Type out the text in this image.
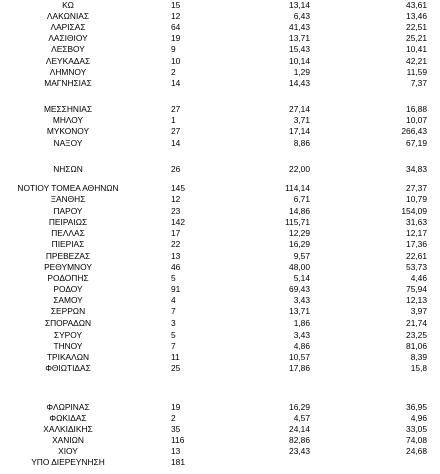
ΚΩ	15	13,14	43,61
ΛΑΚΩΝΙΑΣ	12	6,43	13,46
ΛΑΡΙΣΑΣ	64	41,43	22,51
ΛΑΣΙΘΙΟΥ	19	13,71	25,21
ΛΕΣΒΟΥ	9	15,43	10,41
ΛΕΥΚΑΔΑΣ	10	10,14	42,21
ΛΗΜΝΟΥ	2	1,29	11,59
ΜΑΓΝΗΣΙΑΣ	14	14,43	7,37
ΜΕΣΣΗΝΙΑΣ	27	27,14	16,88
ΜΗΛΟΥ	1	3,71	10,07
ΜΥΚΟΝΟΥ	27	17,14	266,43
ΝΑΞΟΥ	14	8,86	67,19
ΝΗΣΩΝ	26	22,00	34,83
ΝΟΤΙΟΥ ΤΟΜΕΑ ΑΘΗΝΩΝ	145	114,14	27,37
ΞΑΝΘΗΣ	12	6,71	10,79
ΠΑΡΟΥ	23	14,86	154,09
ΠΕΙΡΑΙΩΣ	142	115,71	31,63
ΠΕΛΛΑΣ	17	12,29	12,17
ΠΙΕΡΙΑΣ	22	16,29	17,36
ΠΡΕΒΕΖΑΣ	13	9,57	22,61
ΡΕΘΥΜΝΟΥ	46	48,00	53,73
ΡΟΔΟΠΗΣ	5	5,14	4,46
ΡΟΔΟΥ	91	69,43	75,94
ΣΑΜΟΥ	4	3,43	12,13
ΣΕΡΡΩΝ	7	13,71	3,97
ΣΠΟΡΑΔΩΝ	3	1,86	21,74
ΣΥΡΟΥ	5	3,43	23,25
ΤΗΝΟΥ	7	4,86	81,06
ΤΡΙΚΑΛΩΝ	11	10,57	8,39
ΦΘΙΩΤΙΔΑΣ	25	17,86	15,8
ΦΛΩΡΙΝΑΣ	19	16,29	36,95
ΦΩΚΙΔΑΣ	2	4,57	4,96
ΧΑΛΚΙΔΙΚΗΣ	35	24,14	33,05
ΧΑΝΙΩΝ	116	82,86	74,08
ΧΙΟΥ	13	23,43	24,68
ΥΠΟ ΔΙΕΡΕΥΝΗΣΗ	181
